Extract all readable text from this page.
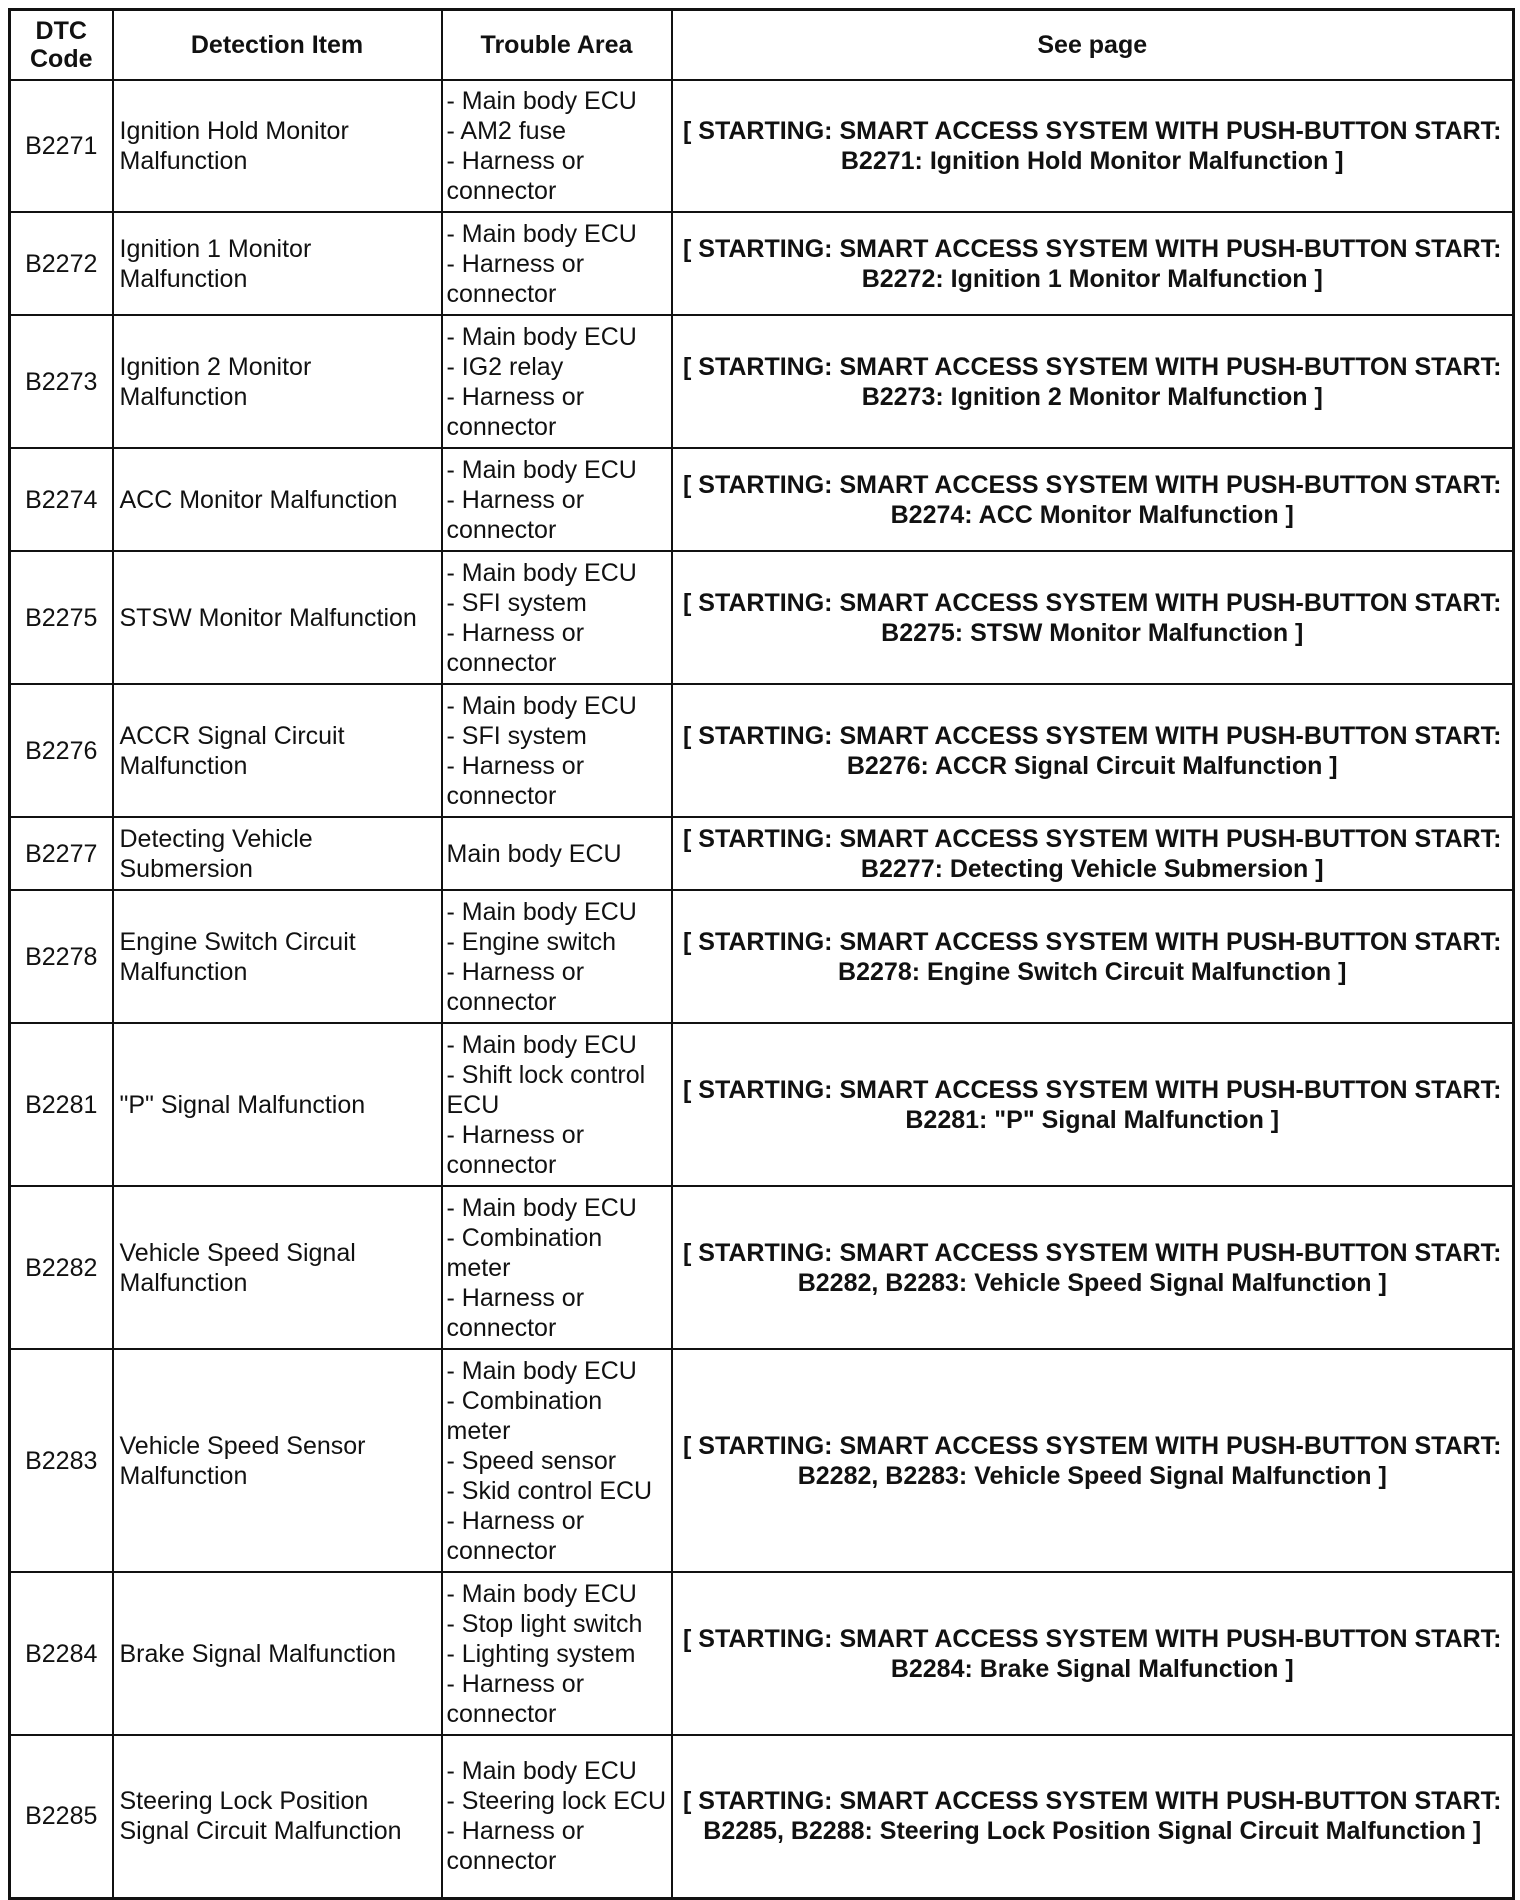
DTC
Code	Detection Item	Trouble Area	See page
B2271	Ignition Hold Monitor Malfunction	- Main body ECU
- AM2 fuse
- Harness or connector	[ STARTING: SMART ACCESS SYSTEM WITH PUSH-BUTTON START:
B2271: Ignition Hold Monitor Malfunction ]

B2272	Ignition 1 Monitor Malfunction	- Main body ECU
- Harness or connector	[ STARTING: SMART ACCESS SYSTEM WITH PUSH-BUTTON START:
B2272: Ignition 1 Monitor Malfunction ]

B2273	Ignition 2 Monitor Malfunction	- Main body ECU
- IG2 relay
- Harness or connector	[ STARTING: SMART ACCESS SYSTEM WITH PUSH-BUTTON START:
B2273: Ignition 2 Monitor Malfunction ]

B2274	ACC Monitor Malfunction	- Main body ECU
- Harness or connector	[ STARTING: SMART ACCESS SYSTEM WITH PUSH-BUTTON START:
B2274: ACC Monitor Malfunction ]

B2275	STSW Monitor Malfunction	- Main body ECU
- SFI system
- Harness or connector	[ STARTING: SMART ACCESS SYSTEM WITH PUSH-BUTTON START:
B2275: STSW Monitor Malfunction ]

B2276	ACCR Signal Circuit Malfunction	- Main body ECU
- SFI system
- Harness or connector	[ STARTING: SMART ACCESS SYSTEM WITH PUSH-BUTTON START:
B2276: ACCR Signal Circuit Malfunction ]

B2277	Detecting Vehicle Submersion	Main body ECU	[ STARTING: SMART ACCESS SYSTEM WITH PUSH-BUTTON START:
B2277: Detecting Vehicle Submersion ]

B2278	Engine Switch Circuit Malfunction	- Main body ECU
- Engine switch
- Harness or connector	[ STARTING: SMART ACCESS SYSTEM WITH PUSH-BUTTON START:
B2278: Engine Switch Circuit Malfunction ]

B2281	"P" Signal Malfunction	- Main body ECU
- Shift lock control ECU
- Harness or connector	[ STARTING: SMART ACCESS SYSTEM WITH PUSH-BUTTON START:
B2281: "P" Signal Malfunction ]

B2282	Vehicle Speed Signal Malfunction	- Main body ECU
- Combination meter
- Harness or connector	[ STARTING: SMART ACCESS SYSTEM WITH PUSH-BUTTON START:
B2282, B2283: Vehicle Speed Signal Malfunction ]

B2283	Vehicle Speed Sensor Malfunction	- Main body ECU
- Combination meter
- Speed sensor
- Skid control ECU
- Harness or connector	[ STARTING: SMART ACCESS SYSTEM WITH PUSH-BUTTON START:
B2282, B2283: Vehicle Speed Signal Malfunction ]

B2284	Brake Signal Malfunction	- Main body ECU
- Stop light switch
- Lighting system
- Harness or connector	[ STARTING: SMART ACCESS SYSTEM WITH PUSH-BUTTON START:
B2284: Brake Signal Malfunction ]

B2285	Steering Lock Position Signal Circuit Malfunction	- Main body ECU
- Steering lock ECU
- Harness or connector	[ STARTING: SMART ACCESS SYSTEM WITH PUSH-BUTTON START:
B2285, B2288: Steering Lock Position Signal Circuit Malfunction ]
